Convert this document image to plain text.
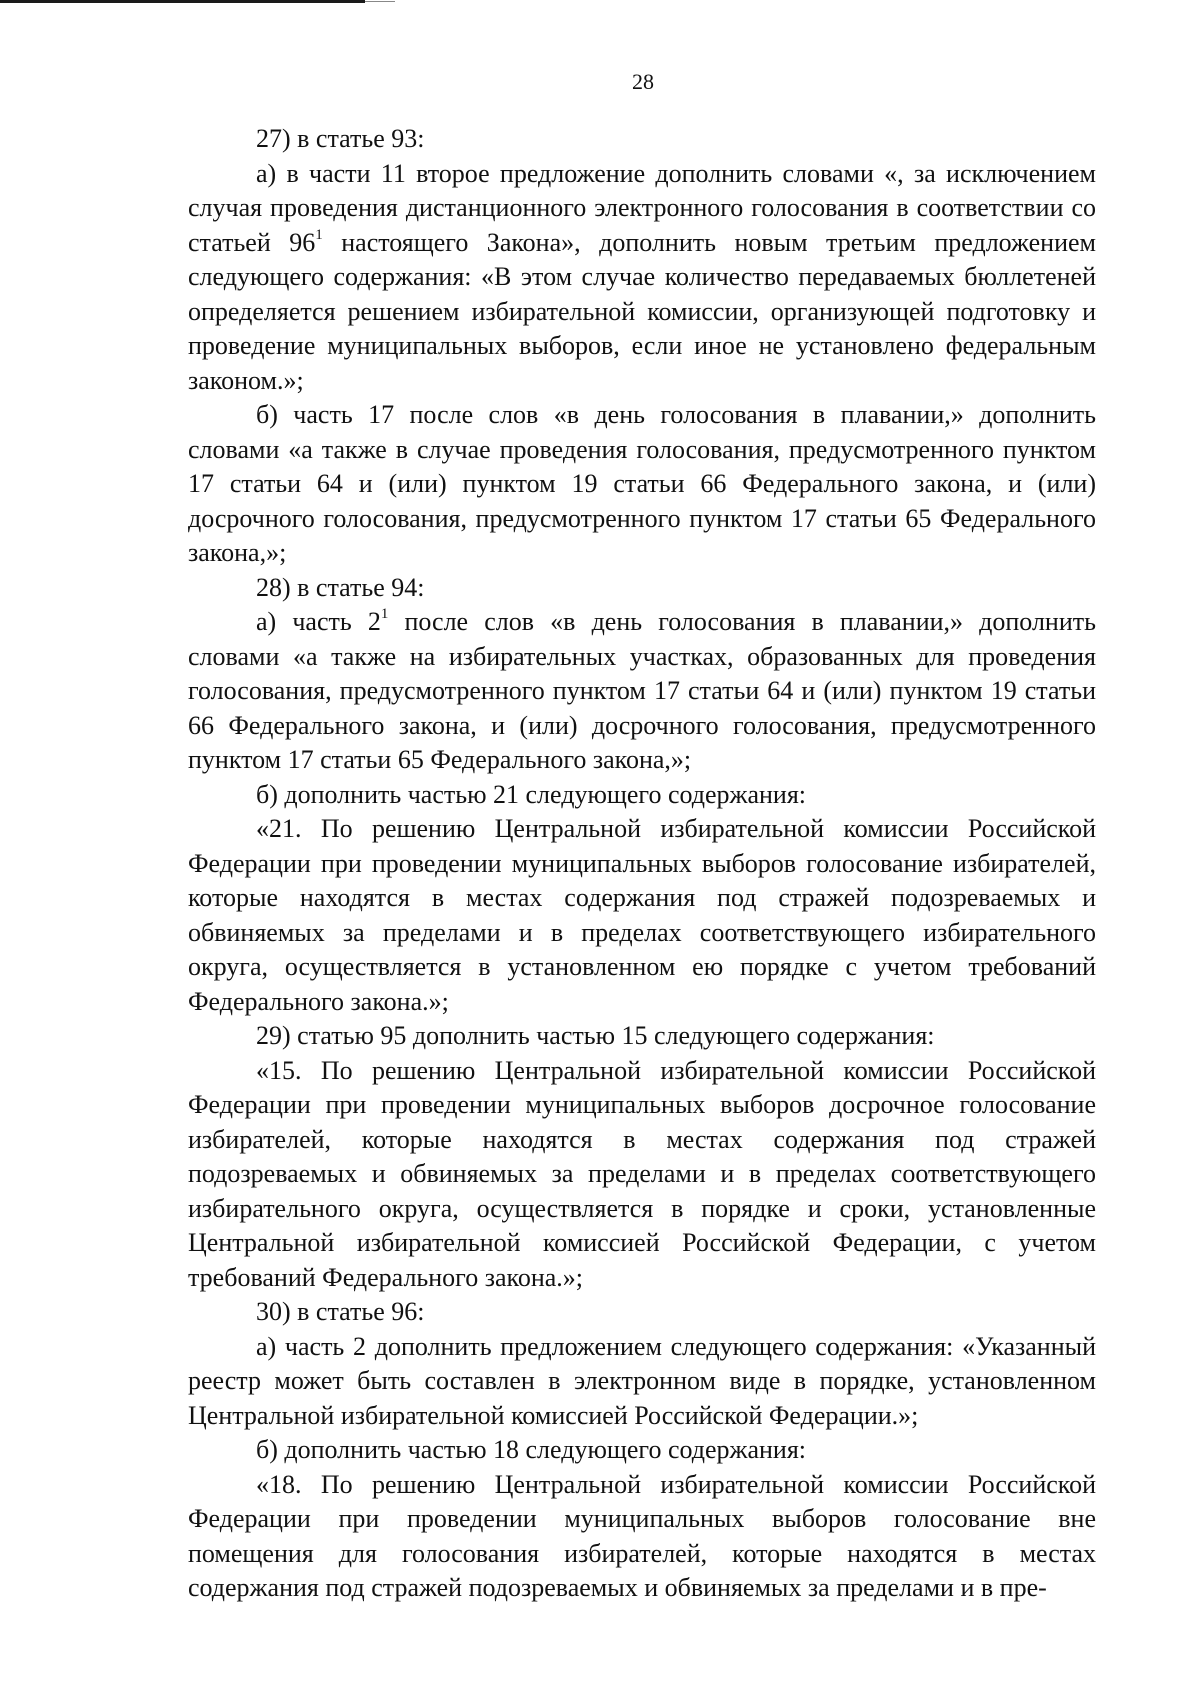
28

27) в статье 93:

а) в части 11 второе предложение дополнить словами «, за исключением случая проведения дистанционного электронного голосования в соответствии со статьей $96^1$ настоящего Закона», дополнить новым третьим предложением следующего содержания: «В этом случае количество передаваемых бюллетеней определяется решением избирательной комиссии, организующей подготовку и проведение муниципальных выборов, если иное не установлено федеральным законом.»;

б) часть 17 после слов «в день голосования в плавании,» дополнить словами «а также в случае проведения голосования, предусмотренного пунктом 17 статьи 64 и (или) пунктом 19 статьи 66 Федерального закона, и (или) досрочного голосования, предусмотренного пунктом 17 статьи 65 Федерального закона,»;

28) в статье 94:

а) часть $2^1$ после слов «в день голосования в плавании,» дополнить словами «а также на избирательных участках, образованных для проведения голосования, предусмотренного пунктом 17 статьи 64 и (или) пунктом 19 статьи 66 Федерального закона, и (или) досрочного голосования, предусмотренного пунктом 17 статьи 65 Федерального закона,»;

б) дополнить частью 21 следующего содержания:

«21. По решению Центральной избирательной комиссии Российской Федерации при проведении муниципальных выборов голосование избирателей, которые находятся в местах содержания под стражей подозреваемых и обвиняемых за пределами и в пределах соответствующего избирательного округа, осуществляется в установленном ею порядке с учетом требований Федерального закона.»;

29) статью 95 дополнить частью 15 следующего содержания:

«15. По решению Центральной избирательной комиссии Российской Федерации при проведении муниципальных выборов досрочное голосование избирателей, которые находятся в местах содержания под стражей подозреваемых и обвиняемых за пределами и в пределах соответствующего избирательного округа, осуществляется в порядке и сроки, установленные Центральной избирательной комиссией Российской Федерации, с учетом требований Федерального закона.»;

30) в статье 96:

а) часть 2 дополнить предложением следующего содержания: «Указанный реестр может быть составлен в электронном виде в порядке, установленном Центральной избирательной комиссией Российской Федерации.»;

б) дополнить частью 18 следующего содержания:

«18. По решению Центральной избирательной комиссии Российской Федерации при проведении муниципальных выборов голосование вне помещения для голосования избирателей, которые находятся в местах содержания под стражей подозреваемых и обвиняемых за пределами и в пре-
